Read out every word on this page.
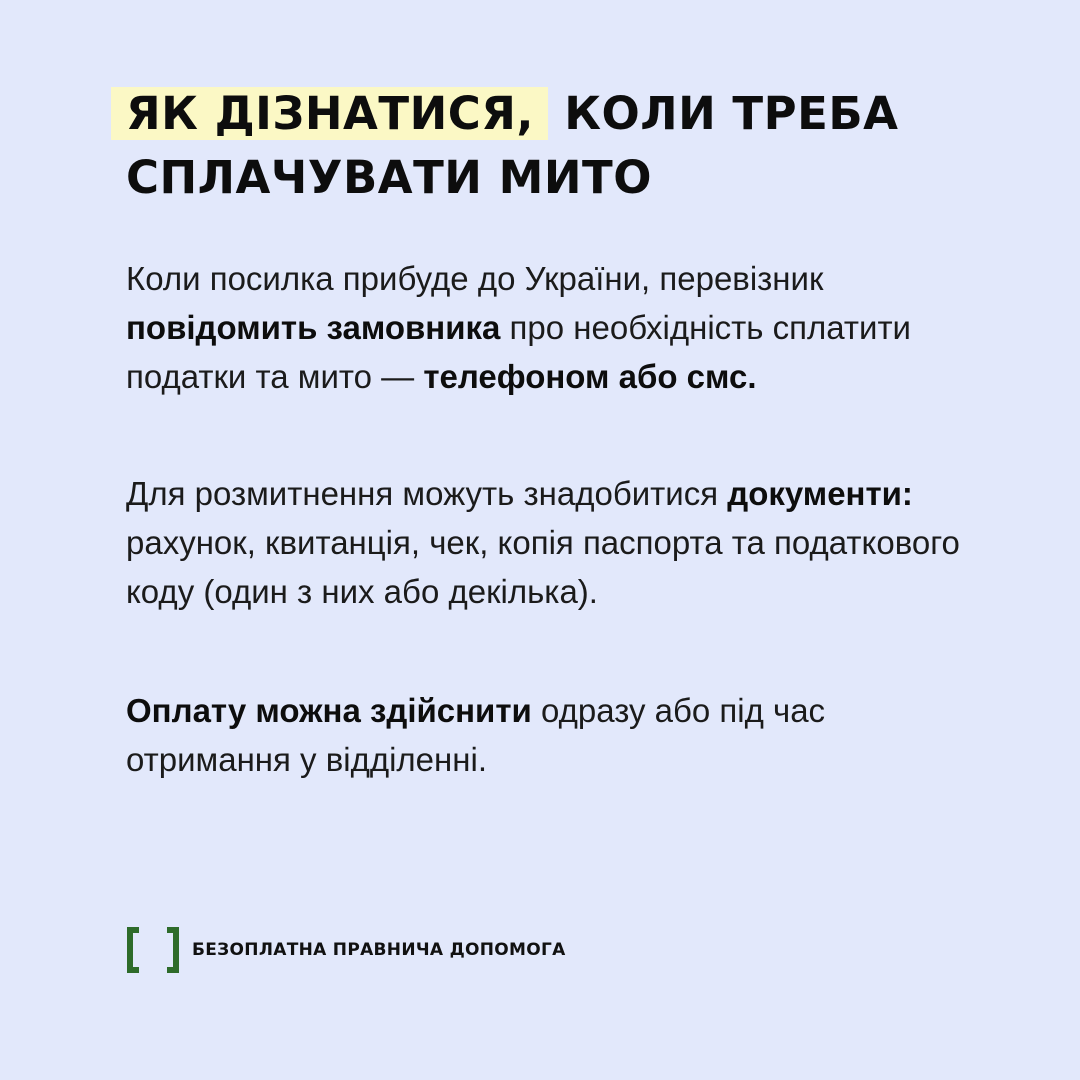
ЯК ДІЗНАТИСЯ, КОЛИ ТРЕБА
СПЛАЧУВАТИ МИТО

Коли посилка прибуде до України, перевізник повідомить замовника про необхідність сплатити податки та мито — телефоном або смс.

Для розмитнення можуть знадобитися документи: рахунок, квитанція, чек, копія паспорта та податкового коду (один з них або декілька).

Оплату можна здійснити одразу або під час отримання у відділенні.

БЕЗОПЛАТНА ПРАВНИЧА ДОПОМОГА
